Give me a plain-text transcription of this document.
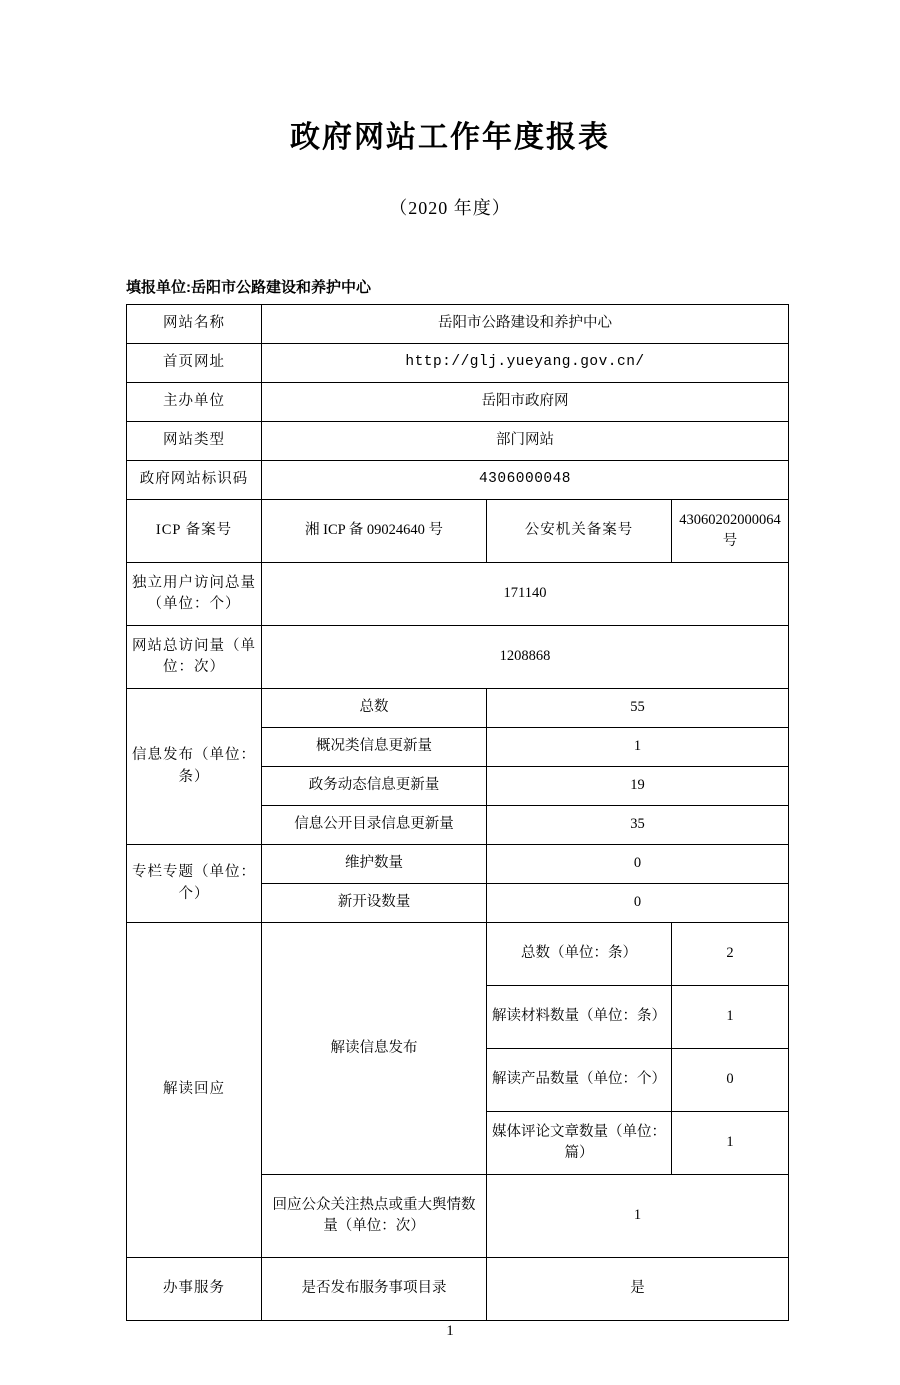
政府网站工作年度报表
（2020 年度）
填报单位:岳阳市公路建设和养护中心
网站名称	岳阳市公路建设和养护中心		
首页网址	http://glj.yueyang.gov.cn/		
主办单位	岳阳市政府网		
网站类型	部门网站		
政府网站标识码	4306000048		
ICP 备案号	湘 ICP 备 09024640 号	公安机关备案号	43060202000064 号
独立用户访问总量（单位：个）	171140		
网站总访问量（单位：次）	1208868		
信息发布（单位：条）	总数	55	
	概况类信息更新量	1	
	政务动态信息更新量	19	
	信息公开目录信息更新量	35	
专栏专题（单位：个）	维护数量	0	
	新开设数量	0	
解读回应	解读信息发布	总数（单位：条）	2
		解读材料数量（单位：条）	1
		解读产品数量（单位：个）	0
		媒体评论文章数量（单位：篇）	1
	回应公众关注热点或重大舆情数量（单位：次）	1	
办事服务	是否发布服务事项目录	是	
1
